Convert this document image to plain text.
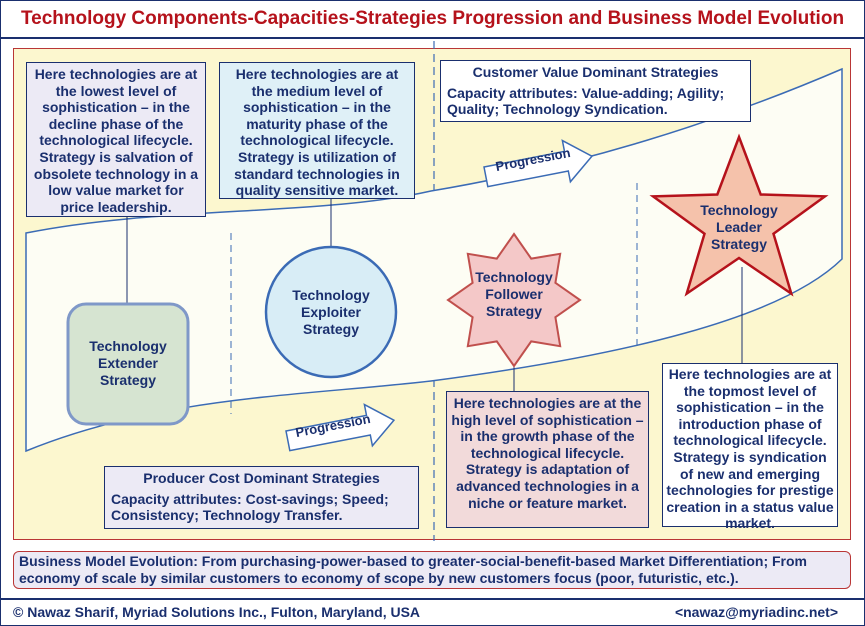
Technology Components-Capacities-Strategies Progression and Business Model Evolution
Progression
Progression
Here technologies are at the lowest level of sophistication – in the decline phase of the technological lifecycle. Strategy is salvation of obsolete technology in a low value market for price leadership.
Here technologies are at the medium level of sophistication – in the maturity phase of the technological lifecycle. Strategy is utilization of standard technologies in quality sensitive market.
Here technologies are at the high level of sophistication – in the growth phase of the technological lifecycle. Strategy is adaptation of advanced technologies in a niche or feature market.
Here technologies are at the topmost level of sophistication – in the introduction phase of technological lifecycle. Strategy is syndication of new and emerging technologies for prestige creation in a status value market.
Customer Value Dominant Strategies
Capacity attributes: Value-adding; Agility; Quality; Technology Syndication.
Producer Cost Dominant Strategies
Capacity attributes: Cost-savings; Speed; Consistency; Technology Transfer.
Technology Extender Strategy
Technology Exploiter Strategy
Technology Follower Strategy
Technology Leader Strategy
Business Model Evolution: From purchasing-power-based to greater-social-benefit-based Market Differentiation; From economy of scale by similar customers to economy of scope by new customers focus (poor, futuristic, etc.).
© Nawaz Sharif, Myriad Solutions Inc., Fulton, Maryland, USA	<nawaz@myriadinc.net>
